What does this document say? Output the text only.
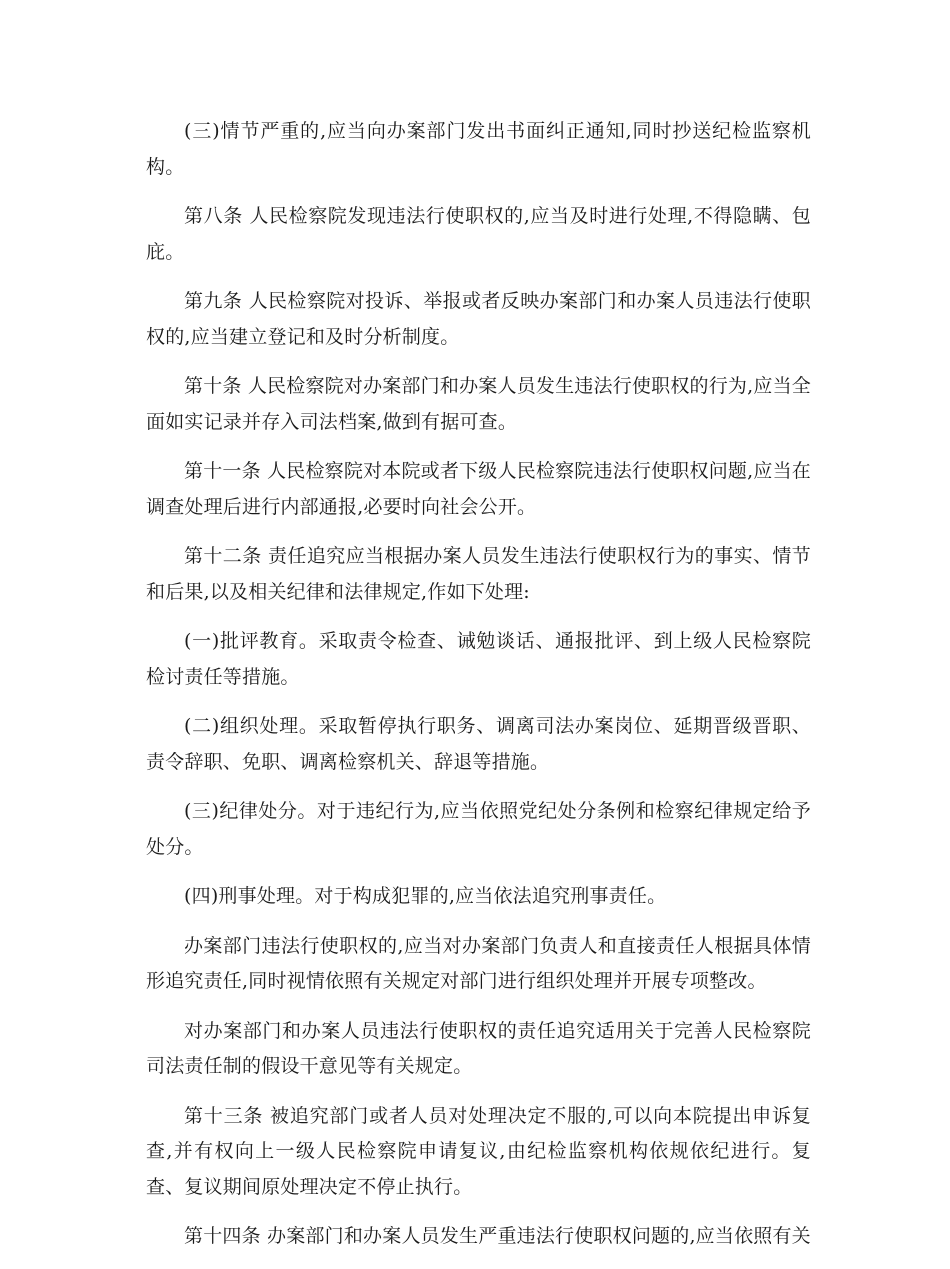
(三)情节严重的,应当向办案部门发出书面纠正通知,同时抄送纪检监察机构。

第八条 人民检察院发现违法行使职权的,应当及时进行处理,不得隐瞒、包庇。

第九条 人民检察院对投诉、举报或者反映办案部门和办案人员违法行使职权的,应当建立登记和及时分析制度。

第十条 人民检察院对办案部门和办案人员发生违法行使职权的行为,应当全面如实记录并存入司法档案,做到有据可查。

第十一条 人民检察院对本院或者下级人民检察院违法行使职权问题,应当在调查处理后进行内部通报,必要时向社会公开。

第十二条 责任追究应当根据办案人员发生违法行使职权行为的事实、情节和后果,以及相关纪律和法律规定,作如下处理:

(一)批评教育。采取责令检查、诫勉谈话、通报批评、到上级人民检察院检讨责任等措施。

(二)组织处理。采取暂停执行职务、调离司法办案岗位、延期晋级晋职、责令辞职、免职、调离检察机关、辞退等措施。

(三)纪律处分。对于违纪行为,应当依照党纪处分条例和检察纪律规定给予处分。

(四)刑事处理。对于构成犯罪的,应当依法追究刑事责任。

办案部门违法行使职权的,应当对办案部门负责人和直接责任人根据具体情形追究责任,同时视情依照有关规定对部门进行组织处理并开展专项整改。

对办案部门和办案人员违法行使职权的责任追究适用关于完善人民检察院司法责任制的假设干意见等有关规定。

第十三条 被追究部门或者人员对处理决定不服的,可以向本院提出申诉复查,并有权向上一级人民检察院申请复议,由纪检监察机构依规依纪进行。复查、复议期间原处理决定不停止执行。

第十四条 办案部门和办案人员发生严重违法行使职权问题的,应当依照有关
